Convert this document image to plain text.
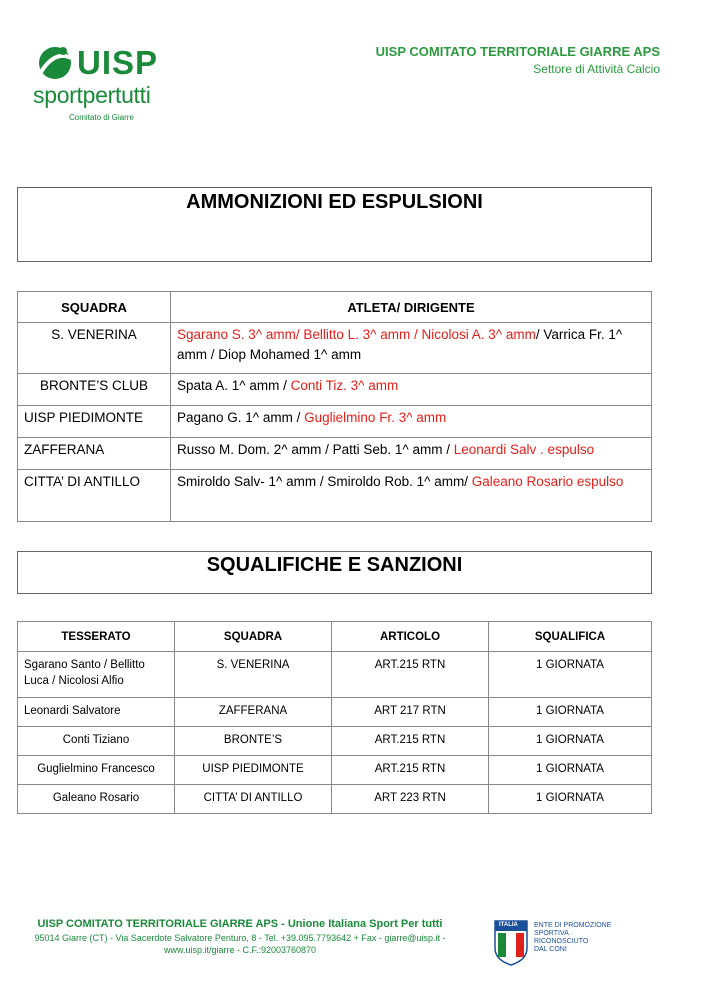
UISP
sportpertutti
Comitato di Giarre
UISP COMITATO TERRITORIALE GIARRE APS
Settore di Attività Calcio
AMMONIZIONI ED ESPULSIONI
SQUADRA	ATLETA/ DIRIGENTE
S. VENERINA	Sgarano S. 3^ amm/ Bellitto L. 3^ amm / Nicolosi A. 3^ amm/ Varrica Fr. 1^ amm / Diop Mohamed 1^ amm
BRONTE’S CLUB	Spata A. 1^ amm / Conti Tiz. 3^ amm
UISP PIEDIMONTE	Pagano G. 1^ amm / Guglielmino Fr. 3^ amm
ZAFFERANA	Russo M. Dom. 2^ amm / Patti Seb. 1^ amm / Leonardi Salv . espulso
CITTA’ DI ANTILLO	Smiroldo Salv- 1^ amm / Smiroldo Rob. 1^ amm/ Galeano Rosario espulso
SQUALIFICHE E SANZIONI
TESSERATO	SQUADRA	ARTICOLO	SQUALIFICA
Sgarano Santo / Bellitto Luca / Nicolosi Alfio	S. VENERINA	ART.215 RTN	1 GIORNATA
Leonardi Salvatore	ZAFFERANA	ART 217 RTN	1 GIORNATA
Conti Tiziano	BRONTE’S	ART.215 RTN	1 GIORNATA
Guglielmino Francesco	UISP PIEDIMONTE	ART.215 RTN	1 GIORNATA
Galeano Rosario	CITTA’ DI ANTILLO	ART 223 RTN	1 GIORNATA
UISP COMITATO TERRITORIALE GIARRE APS - Unione Italiana Sport Per tutti
95014 Giarre (CT) - Via Sacerdote Salvatore Penturo, 8 - Tel. +39.095.7793642 + Fax - giarre@uisp.it - www.uisp.it/giarre - C.F.:92003760870
ITALIA ENTE DI PROMOZIONE
SPORTIVA
RICONOSCIUTO
DAL CONI
